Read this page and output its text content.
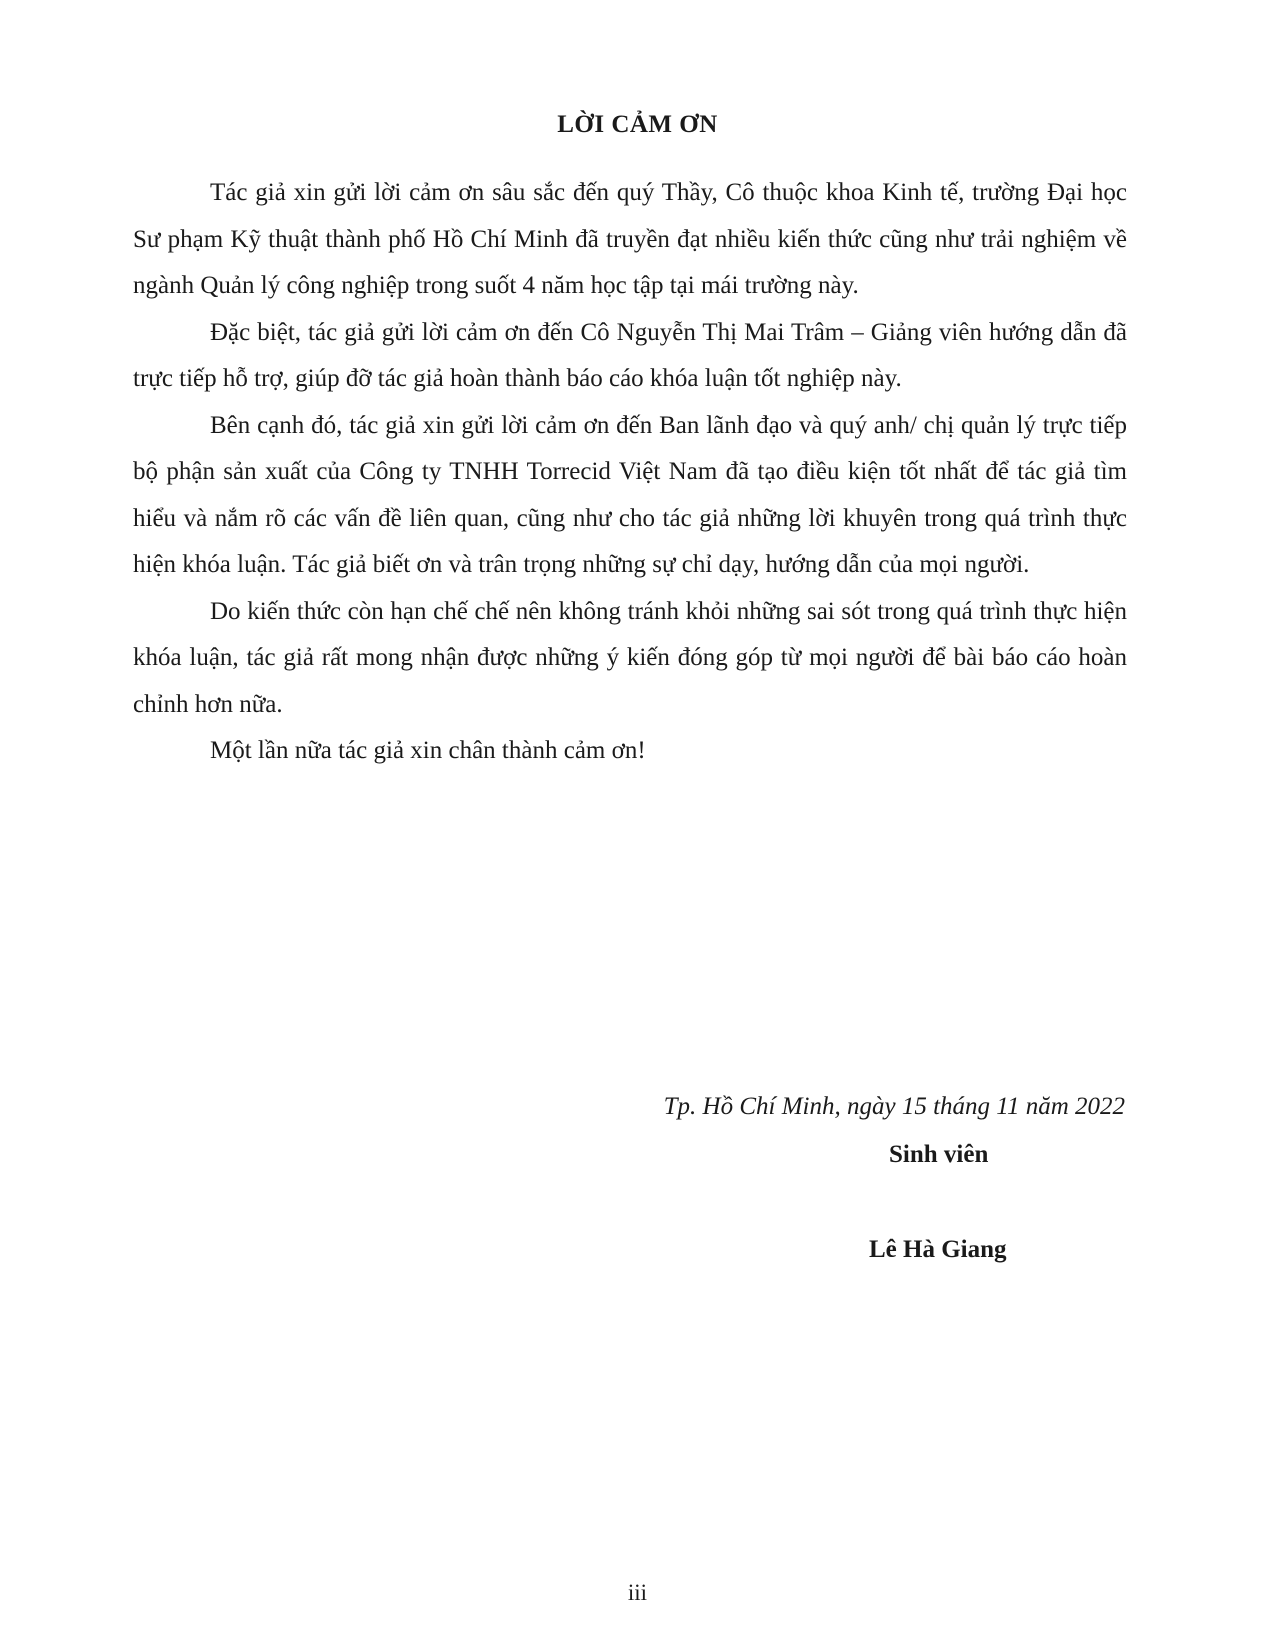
LỜI CẢM ƠN

Tác giả xin gửi lời cảm ơn sâu sắc đến quý Thầy, Cô thuộc khoa Kinh tế, trường Đại học Sư phạm Kỹ thuật thành phố Hồ Chí Minh đã truyền đạt nhiều kiến thức cũng như trải nghiệm về ngành Quản lý công nghiệp trong suốt 4 năm học tập tại mái trường này.

Đặc biệt, tác giả gửi lời cảm ơn đến Cô Nguyễn Thị Mai Trâm – Giảng viên hướng dẫn đã trực tiếp hỗ trợ, giúp đỡ tác giả hoàn thành báo cáo khóa luận tốt nghiệp này.

Bên cạnh đó, tác giả xin gửi lời cảm ơn đến Ban lãnh đạo và quý anh/ chị quản lý trực tiếp bộ phận sản xuất của Công ty TNHH Torrecid Việt Nam đã tạo điều kiện tốt nhất để tác giả tìm hiểu và nắm rõ các vấn đề liên quan, cũng như cho tác giả những lời khuyên trong quá trình thực hiện khóa luận. Tác giả biết ơn và trân trọng những sự chỉ dạy, hướng dẫn của mọi người.

Do kiến thức còn hạn chế chế nên không tránh khỏi những sai sót trong quá trình thực hiện khóa luận, tác giả rất mong nhận được những ý kiến đóng góp từ mọi người để bài báo cáo hoàn chỉnh hơn nữa.

Một lần nữa tác giả xin chân thành cảm ơn!

Tp. Hồ Chí Minh, ngày 15 tháng 11 năm 2022
Sinh viên
Lê Hà Giang
iii
